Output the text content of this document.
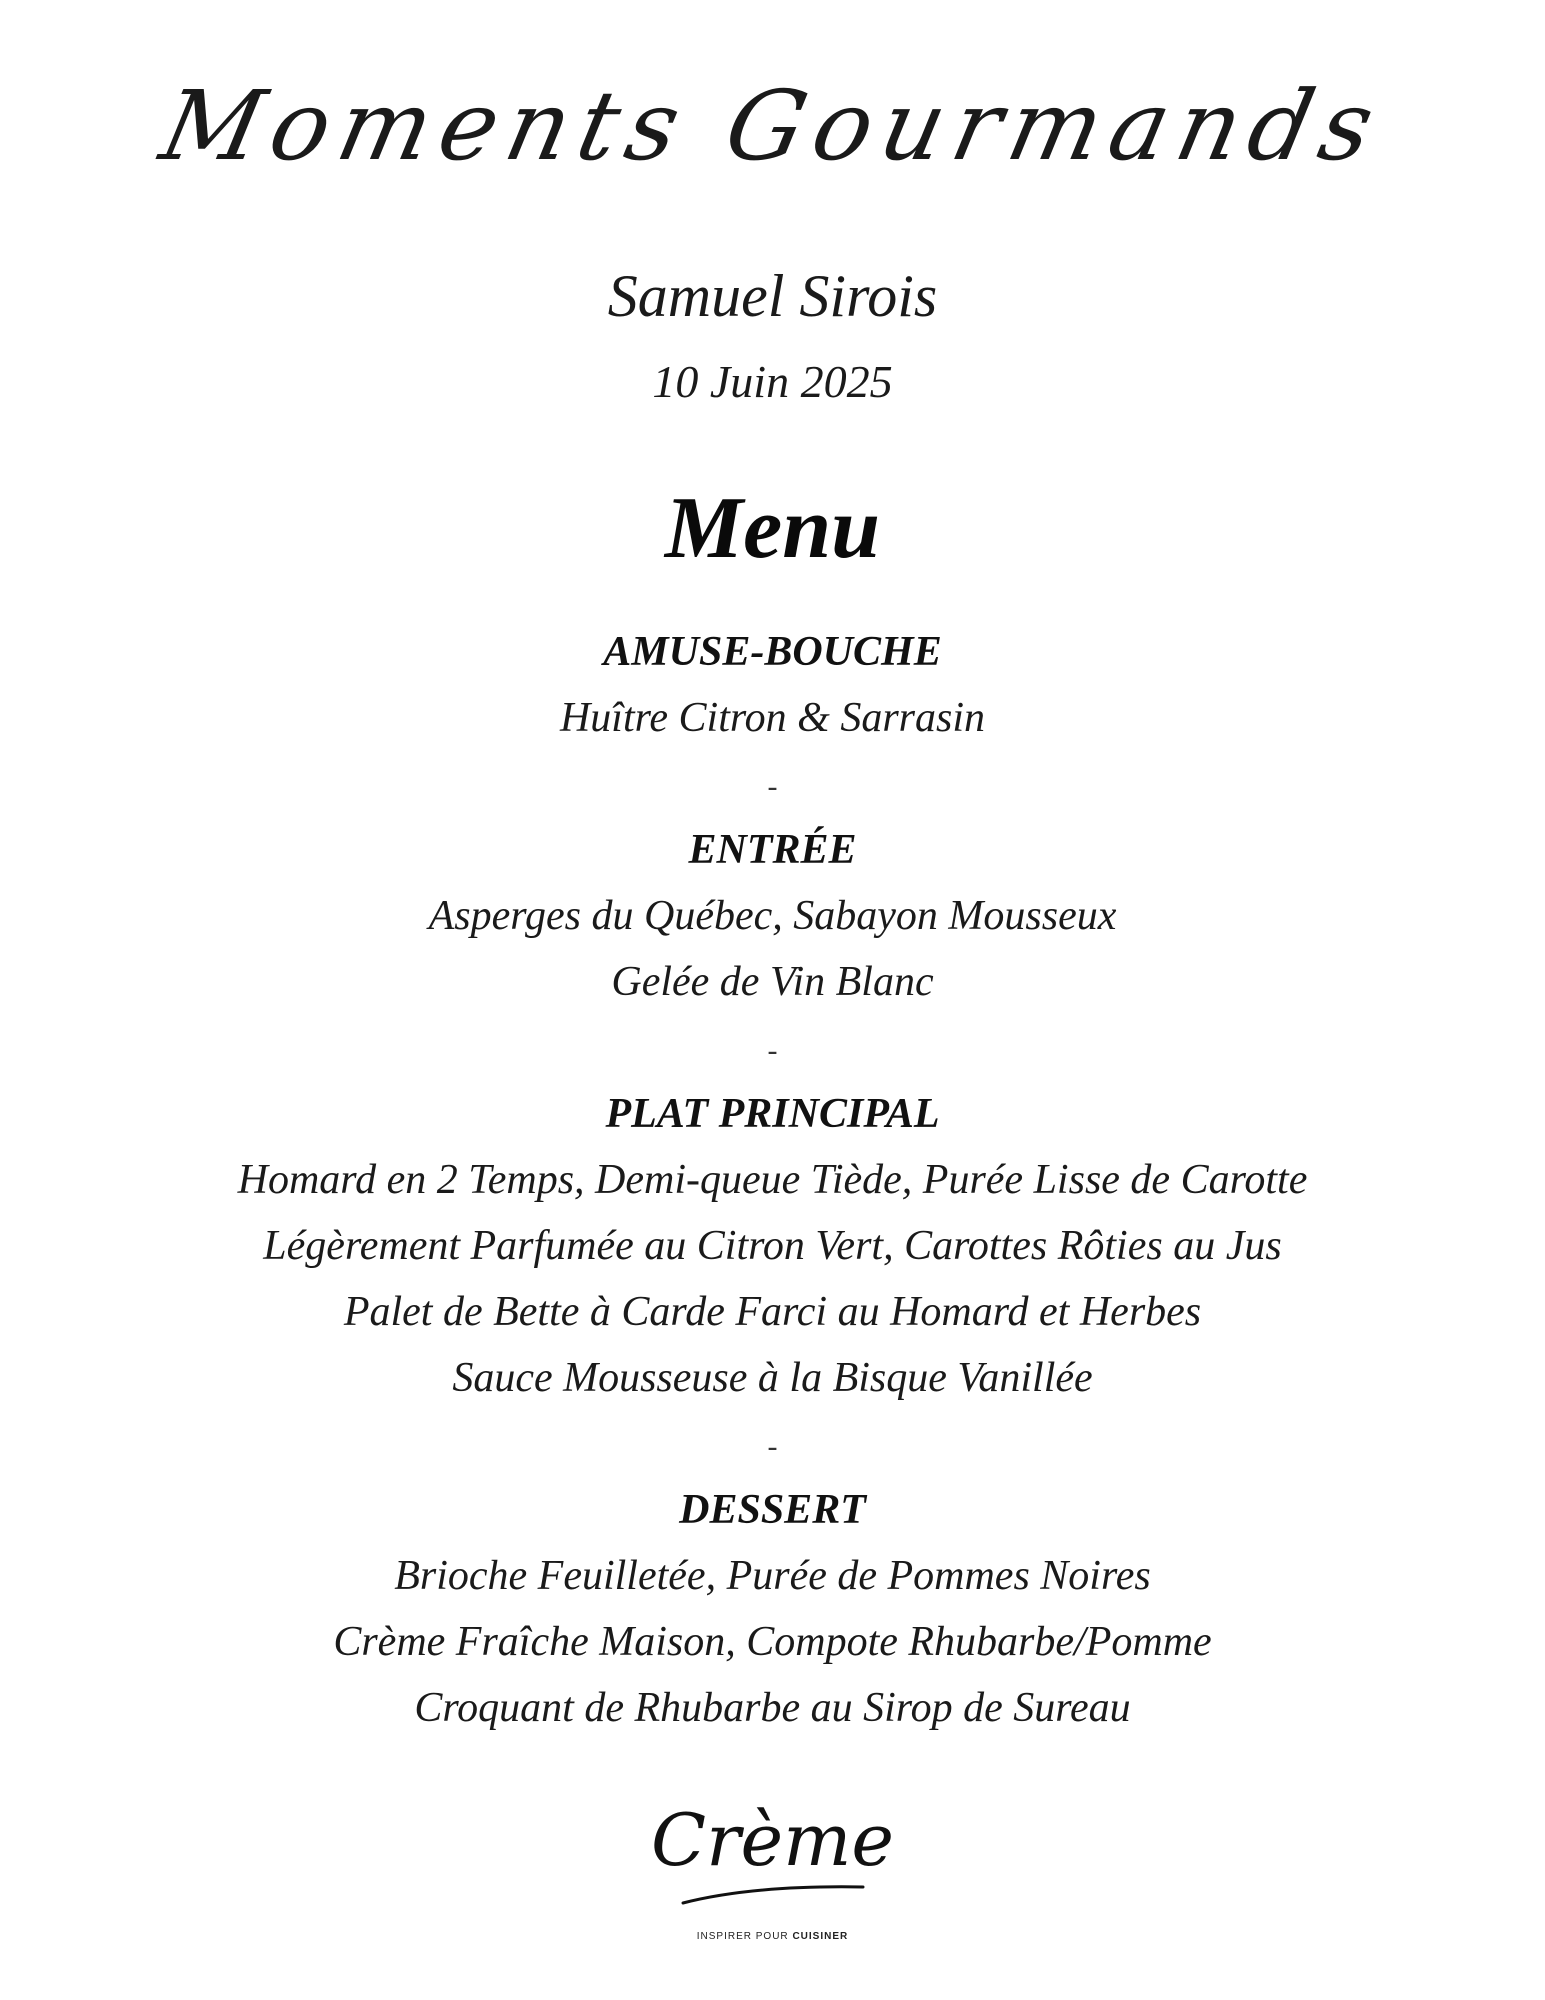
Moments Gourmands
Samuel Sirois
10 Juin 2025
Menu
AMUSE-BOUCHE
Huître Citron & Sarrasin
-
ENTRÉE
Asperges du Québec, Sabayon Mousseux
Gelée de Vin Blanc
-
PLAT PRINCIPAL
Homard en 2 Temps, Demi-queue Tiède, Purée Lisse de Carotte
Légèrement Parfumée au Citron Vert, Carottes Rôties au Jus
Palet de Bette à Carde Farci au Homard et Herbes
Sauce Mousseuse à la Bisque Vanillée
-
DESSERT
Brioche Feuilletée, Purée de Pommes Noires
Crème Fraîche Maison, Compote Rhubarbe/Pomme
Croquant de Rhubarbe au Sirop de Sureau
Crème
INSPIRER POUR CUISINER
